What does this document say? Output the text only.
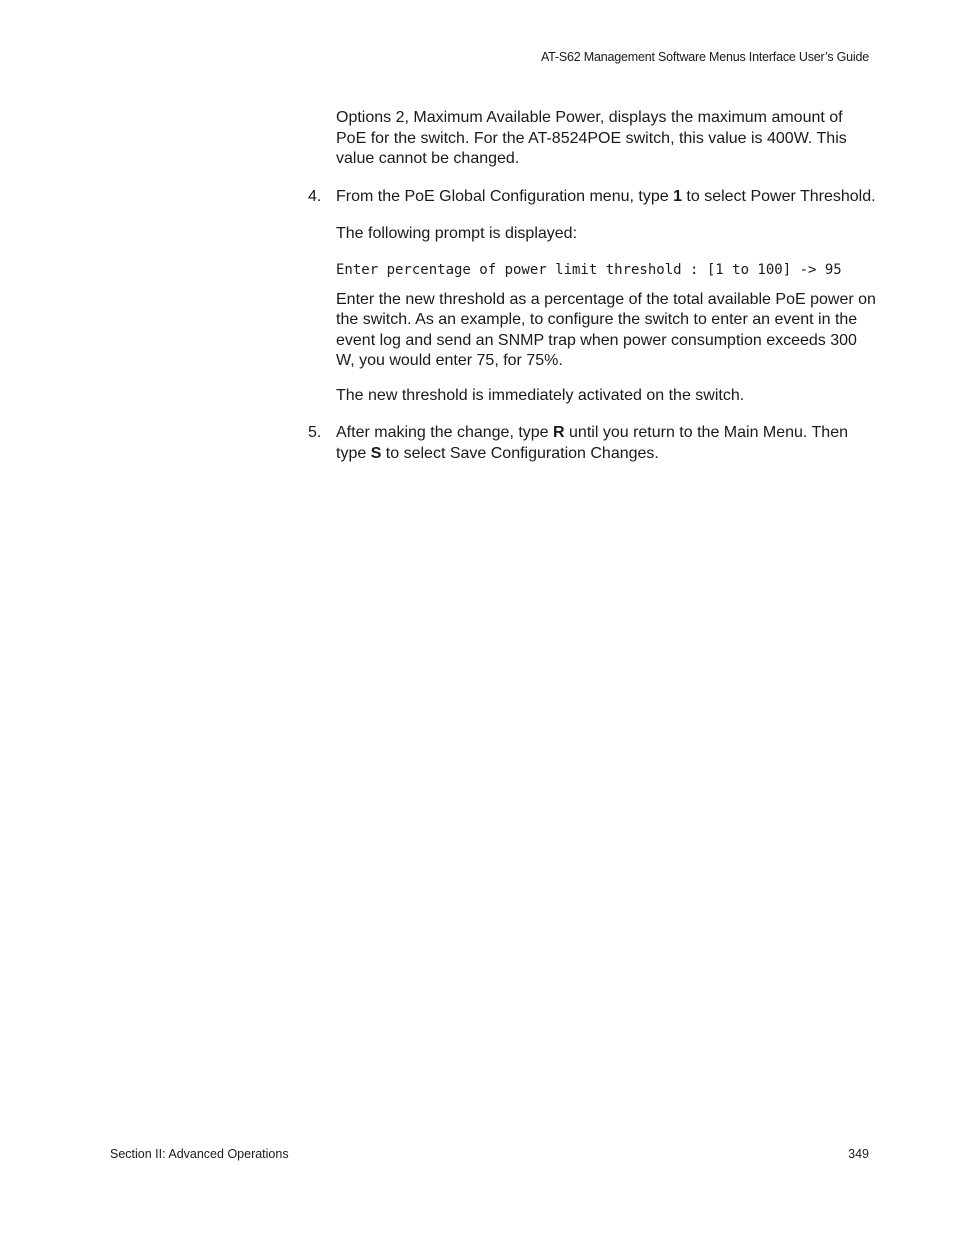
AT-S62 Management Software Menus Interface User’s Guide

Options 2, Maximum Available Power, displays the maximum amount of PoE for the switch. For the AT-8524POE switch, this value is 400W. This value cannot be changed.

4. From the PoE Global Configuration menu, type 1 to select Power Threshold.

The following prompt is displayed:

Enter percentage of power limit threshold : [1 to 100] -> 95

Enter the new threshold as a percentage of the total available PoE power on the switch. As an example, to configure the switch to enter an event in the event log and send an SNMP trap when power consumption exceeds 300 W, you would enter 75, for 75%.

The new threshold is immediately activated on the switch.

5. After making the change, type R until you return to the Main Menu. Then type S to select Save Configuration Changes.
Section II: Advanced Operations	349
